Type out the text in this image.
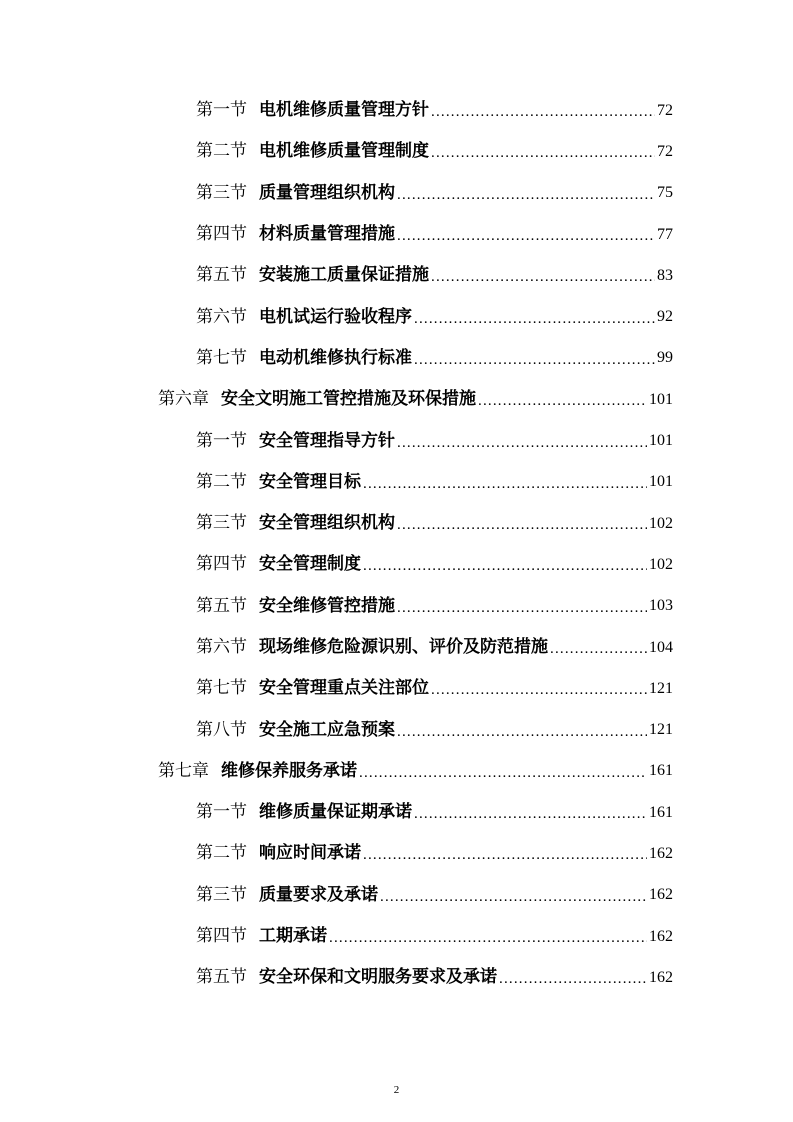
第一节 电机维修质量管理方针 .....	72
第二节 电机维修质量管理制度 .....	72
第三节 质量管理组织机构 .....	75
第四节 材料质量管理措施 .....	77
第五节 安装施工质量保证措施 .....	83
第六节 电机试运行验收程序 .....	92
第七节 电动机维修执行标准 .....	99
第六章 安全文明施工管控措施及环保措施 .....	101
第一节 安全管理指导方针 .....	101
第二节 安全管理目标 .....	101
第三节 安全管理组织机构 .....	102
第四节 安全管理制度 .....	102
第五节 安全维修管控措施 .....	103
第六节 现场维修危险源识别、评价及防范措施 .....	104
第七节 安全管理重点关注部位 .....	121
第八节 安全施工应急预案 .....	121
第七章 维修保养服务承诺 .....	161
第一节 维修质量保证期承诺 .....	161
第二节 响应时间承诺 .....	162
第三节 质量要求及承诺 .....	162
第四节 工期承诺 .....	162
第五节 安全环保和文明服务要求及承诺 .....	162
2
